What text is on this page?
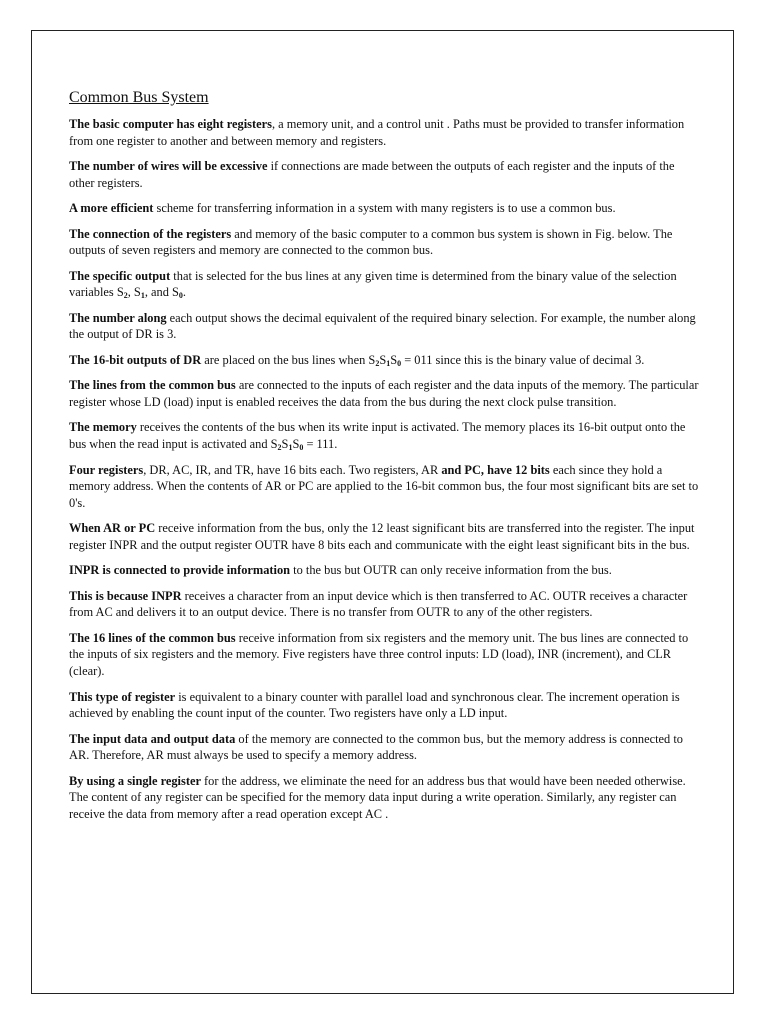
Common Bus System

The basic computer has eight registers, a memory unit, and a control unit . Paths must be provided to transfer information from one register to another and between memory and registers.

The number of wires will be excessive if connections are made between the outputs of each register and the inputs of the other registers.

A more efficient scheme for transferring information in a system with many registers is to use a common bus.

The connection of the registers and memory of the basic computer to a common bus system is shown in Fig. below. The outputs of seven registers and memory are connected to the common bus.

The specific output that is selected for the bus lines at any given time is determined from the binary value of the selection variables $S_2$, $S_1$, and $S_0$.

The number along each output shows the decimal equivalent of the required binary selection. For example, the number along the output of DR is 3.

The 16-bit outputs of DR are placed on the bus lines when $S_2S_1S_0 = 011$ since this is the binary value of decimal 3.

The lines from the common bus are connected to the inputs of each register and the data inputs of the memory. The particular register whose LD (load) input is enabled receives the data from the bus during the next clock pulse transition.

The memory receives the contents of the bus when its write input is activated. The memory places its 16-bit output onto the bus when the read input is activated and $S_2S_1S_0 = 111$.

Four registers, DR, AC, IR, and TR, have 16 bits each. Two registers, AR and PC, have 12 bits each since they hold a memory address. When the contents of AR or PC are applied to the 16-bit common bus, the four most significant bits are set to 0's.

When AR or PC receive information from the bus, only the 12 least significant bits are transferred into the register. The input register INPR and the output register OUTR have 8 bits each and communicate with the eight least significant bits in the bus.

INPR is connected to provide information to the bus but OUTR can only receive information from the bus.

This is because INPR receives a character from an input device which is then transferred to AC. OUTR receives a character from AC and delivers it to an output device. There is no transfer from OUTR to any of the other registers.

The 16 lines of the common bus receive information from six registers and the memory unit. The bus lines are connected to the inputs of six registers and the memory. Five registers have three control inputs: LD (load), INR (increment), and CLR (clear).

This type of register is equivalent to a binary counter with parallel load and synchronous clear. The increment operation is achieved by enabling the count input of the counter. Two registers have only a LD input.

The input data and output data of the memory are connected to the common bus, but the memory address is connected to AR. Therefore, AR must always be used to specify a memory address.

By using a single register for the address, we eliminate the need for an address bus that would have been needed otherwise. The content of any register can be specified for the memory data input during a write operation. Similarly, any register can receive the data from memory after a read operation except AC .
